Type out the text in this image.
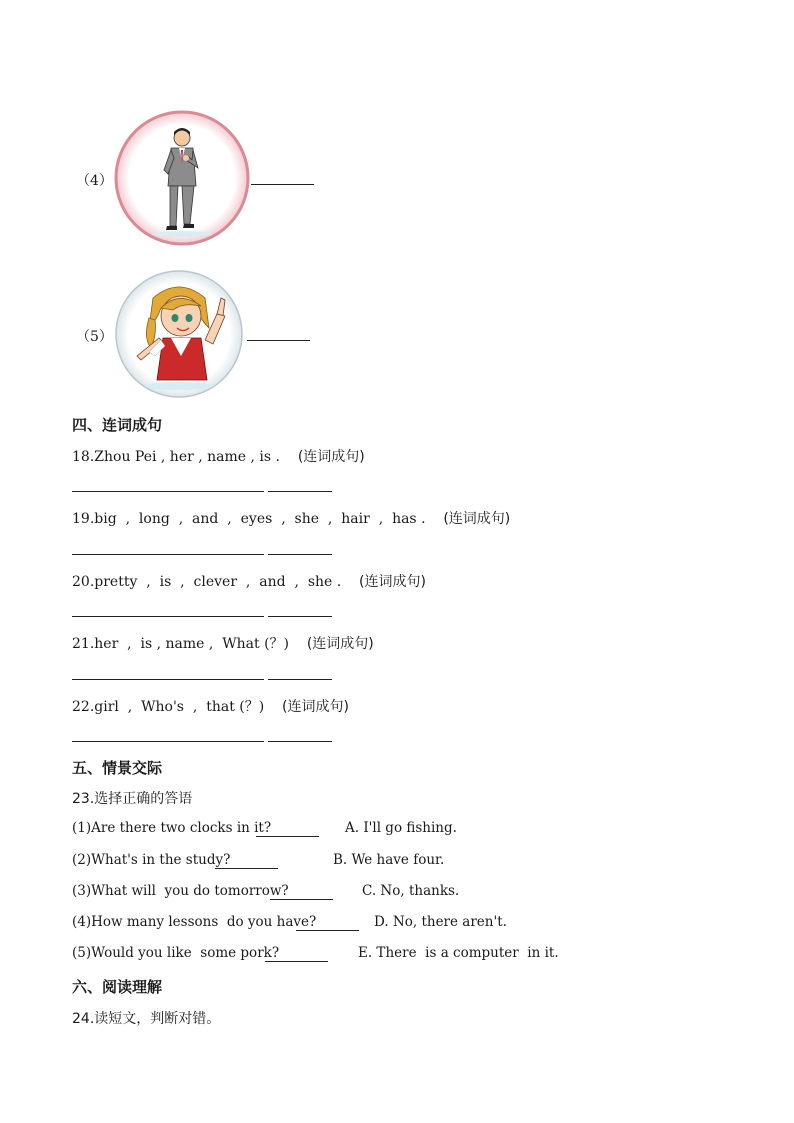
（4）
（5）
四、连词成句
18.Zhou Pei , her , name , is . (连词成句)
19.big  ,  long  ,  and  ,  eyes  ,  she  ,  hair  ,  has . (连词成句)
20.pretty  ,  is  ,  clever  ,  and  ,  she . (连词成句)
21.her  ,  is , name ,  What (？) (连词成句)
22.girl  ,  Who's  ,  that (？) (连词成句)
五、情景交际
23.选择正确的答语
(1)Are there two clocks in it?	A. I'll go fishing.
(2)What's in the study?	B. We have four.
(3)What will  you do tomorrow?	C. No, thanks.
(4)How many lessons  do you have?	D. No, there aren't.
(5)Would you like  some pork?	E. There  is a computer  in it.
六、阅读理解
24.读短文，判断对错。
